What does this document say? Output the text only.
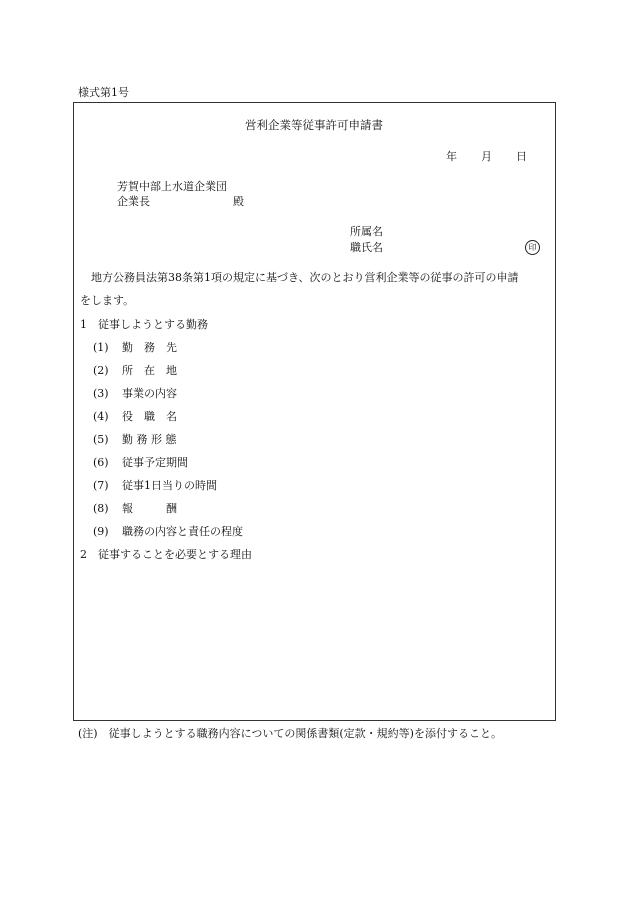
様式第1号
営利企業等従事許可申請書
年 月 日
芳賀中部上水道企業団
企業長	殿
所属名
職氏名	印
地方公務員法第38条第1項の規定に基づき、次のとおり営利企業等の従事の許可の申請
をします。
1　従事しようとする勤務
(1) 勤　務　先
(2) 所　在　地
(3) 事業の内容
(4) 役　職　名
(5) 勤 務 形 態
(6) 従事予定期間
(7) 従事1日当りの時間
(8) 報　　　酬
(9) 職務の内容と責任の程度
2　従事することを必要とする理由
(注)　従事しようとする職務内容についての関係書類(定款・規約等)を添付すること。
